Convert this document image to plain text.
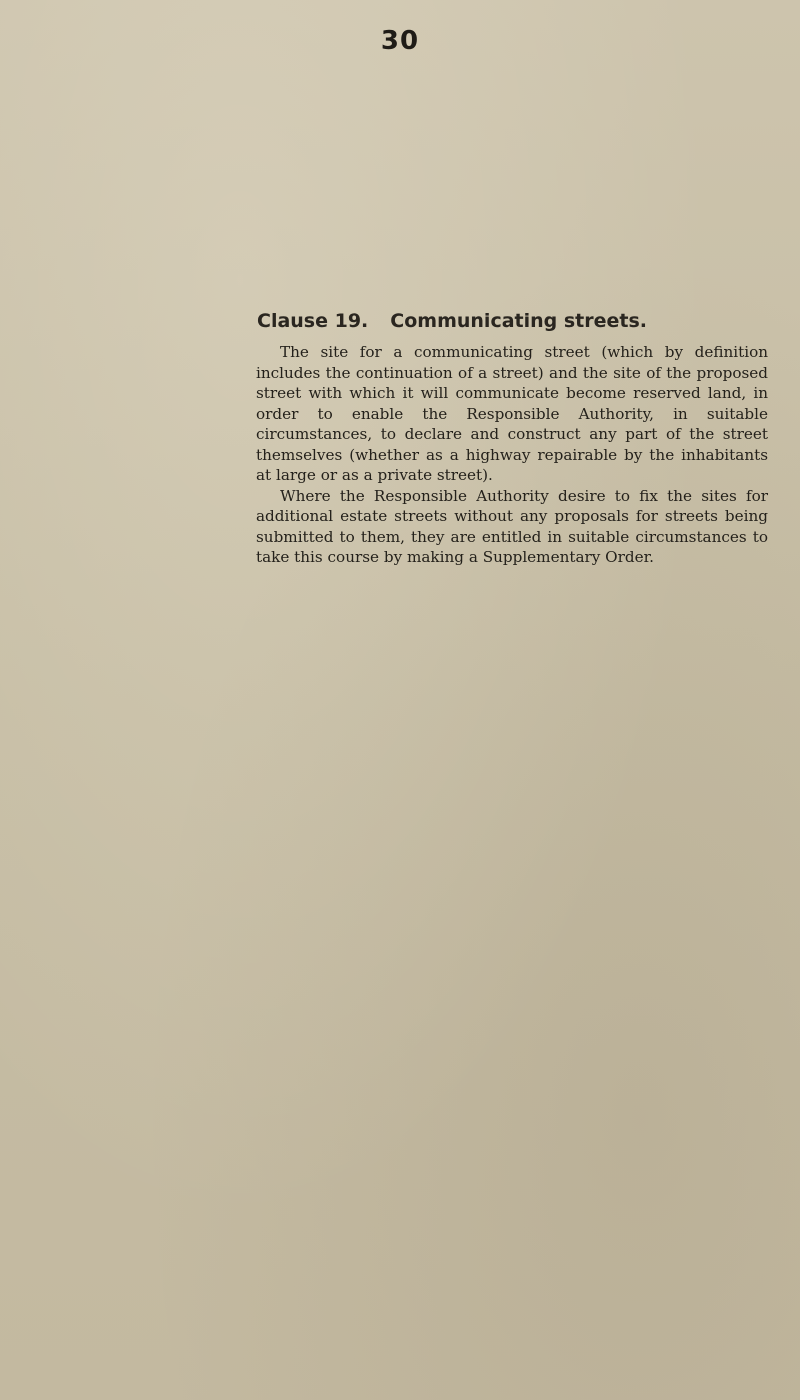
30
Clause 19. Communicating streets.

The site for a communicating street (which by definition includes the continuation of a street) and the site of the proposed street with which it will communicate become reserved land, in order to enable the Responsible Authority, in suitable circumstances, to declare and construct any part of the street themselves (whether as a highway repairable by the inhabitants at large or as a private street).

Where the Responsible Authority desire to fix the sites for additional estate streets without any proposals for streets being submitted to them, they are entitled in suitable circumstances to take this course by making a Supplementary Order.
